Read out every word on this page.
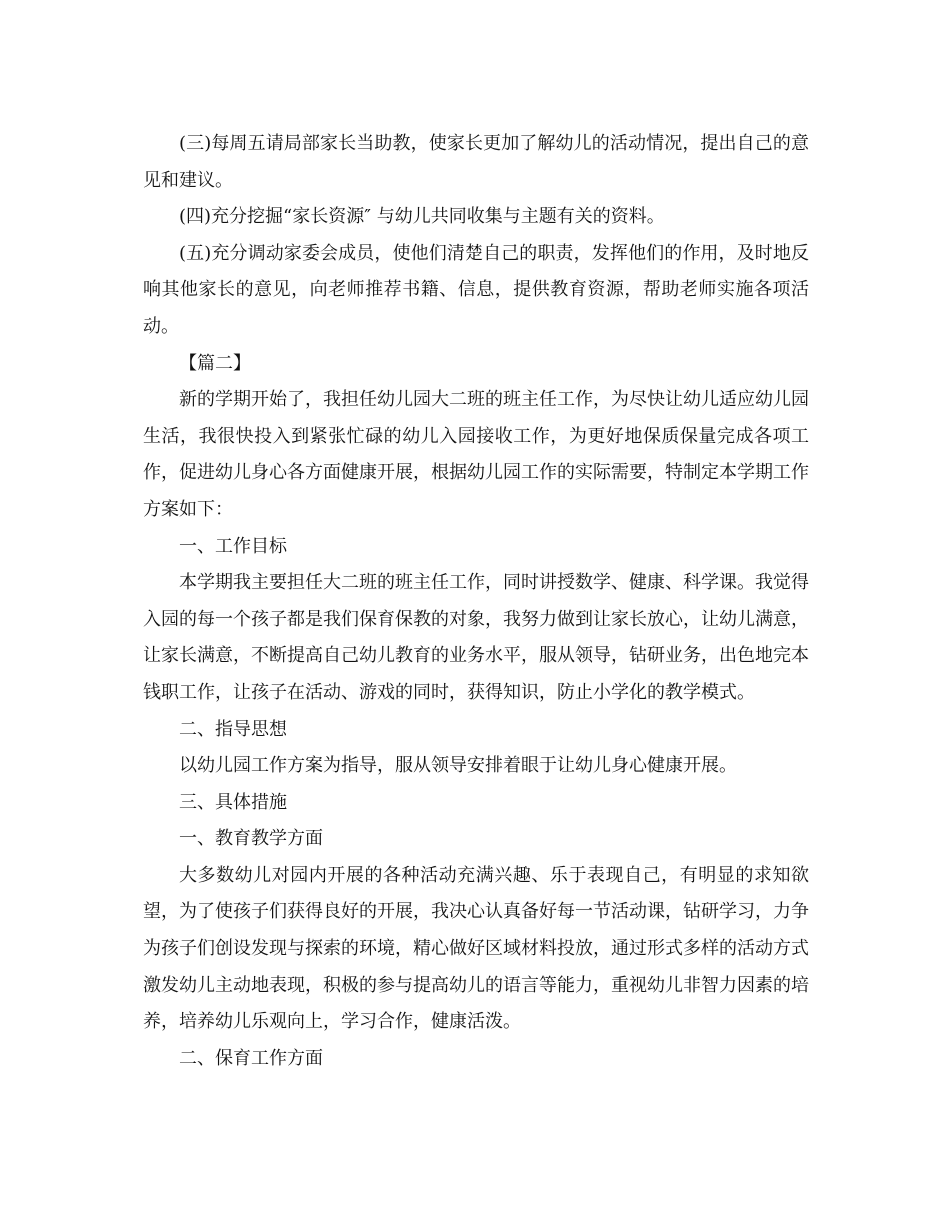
(三)每周五请局部家长当助教，使家长更加了解幼儿的活动情况，提出自己的意见和建议。

(四)充分挖掘“家长资源″ 与幼儿共同收集与主题有关的资料。

(五)充分调动家委会成员，使他们清楚自己的职责，发挥他们的作用，及时地反响其他家长的意见，向老师推荐书籍、信息，提供教育资源，帮助老师实施各项活动。

【篇二】

新的学期开始了，我担任幼儿园大二班的班主任工作，为尽快让幼儿适应幼儿园生活，我很快投入到紧张忙碌的幼儿入园接收工作，为更好地保质保量完成各项工作，促进幼儿身心各方面健康开展，根据幼儿园工作的实际需要，特制定本学期工作方案如下：

一、工作目标

本学期我主要担任大二班的班主任工作，同时讲授数学、健康、科学课。我觉得入园的每一个孩子都是我们保育保教的对象，我努力做到让家长放心，让幼儿满意，让家长满意，不断提高自己幼儿教育的业务水平，服从领导，钻研业务，出色地完本钱职工作，让孩子在活动、游戏的同时，获得知识，防止小学化的教学模式。

二、指导思想

以幼儿园工作方案为指导，服从领导安排着眼于让幼儿身心健康开展。

三、具体措施

一、教育教学方面

大多数幼儿对园内开展的各种活动充满兴趣、乐于表现自己，有明显的求知欲望，为了使孩子们获得良好的开展，我决心认真备好每一节活动课，钻研学习，力争为孩子们创设发现与探索的环境，精心做好区域材料投放，通过形式多样的活动方式激发幼儿主动地表现，积极的参与提高幼儿的语言等能力，重视幼儿非智力因素的培养，培养幼儿乐观向上，学习合作，健康活泼。

二、保育工作方面
